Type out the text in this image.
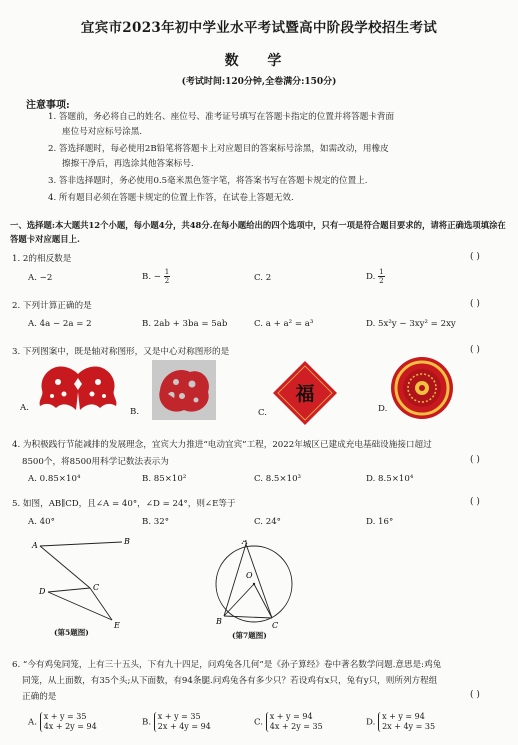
宜宾市2023年初中学业水平考试暨高中阶段学校招生考试
数 学
(考试时间:120分钟,全卷满分:150分)
注意事项:
1. 答题前，务必将自己的姓名、座位号、准考证号填写在答题卡指定的位置并将答题卡背面
座位号对应标号涂黑.
2. 答选择题时，每必使用2B铅笔将答题卡上对应题目的答案标号涂黑，如需改动，用橡皮
擦擦干净后，再选涂其他答案标号.
3. 答非选择题时，务必使用0.5毫米黑色签字笔，将答案书写在答题卡规定的位置上.
4. 所有题目必须在答题卡规定的位置上作答，在试卷上答题无效.
一、选择题:本大题共12个小题，每小题4分，共48分.在每小题给出的四个选项中，只有一项是符合题目要求的，请将正确选项填涂在答题卡对应题目上.
1. 2的相反数是	( )
A. −2	B. − $\frac{1}{2}$	C. 2	D. $\frac{1}{2}$
2. 下列计算正确的是	( )
A. 4a − 2a = 2	B. 2ab + 3ba = 5ab	C. a + a² = a³	D. 5x²y − 3xy² = 2xy
3. 下列图案中，既是轴对称图形，又是中心对称图形的是	( )
A.	B.	C.
福
D.
4. 为积极践行节能减排的发展理念，宜宾大力推进“电动宜宾”工程，2022年城区已建成充电基础设施接口超过
8500个，将8500用科学记数法表示为	( )
A. 0.85×10⁴	B. 85×10²	C. 8.5×10³	D. 8.5×10⁴
5. 如图，AB∥CD，且∠A = 40°，∠D = 24°，则∠E等于	( )
A. 40°	B. 32°	C. 24°	D. 16°
A	B
C
D
E
(第5题图)
A
O
B	C
(第7题图)
6. “今有鸡兔同笼，上有三十五头，下有九十四足，问鸡兔各几何”是《孙子算经》卷中著名数学问题.意思是:鸡兔
同笼，从上面数，有35个头;从下面数，有94条腿.问鸡兔各有多少只？若设鸡有x只，兔有y只，则所列方程组
正确的是	( )
A.
x + y = 35
4x + 2y = 94	B.
x + y = 35
2x + 4y = 94	C.
x + y = 94
4x + 2y = 35	D.
x + y = 94
2x + 4y = 35
